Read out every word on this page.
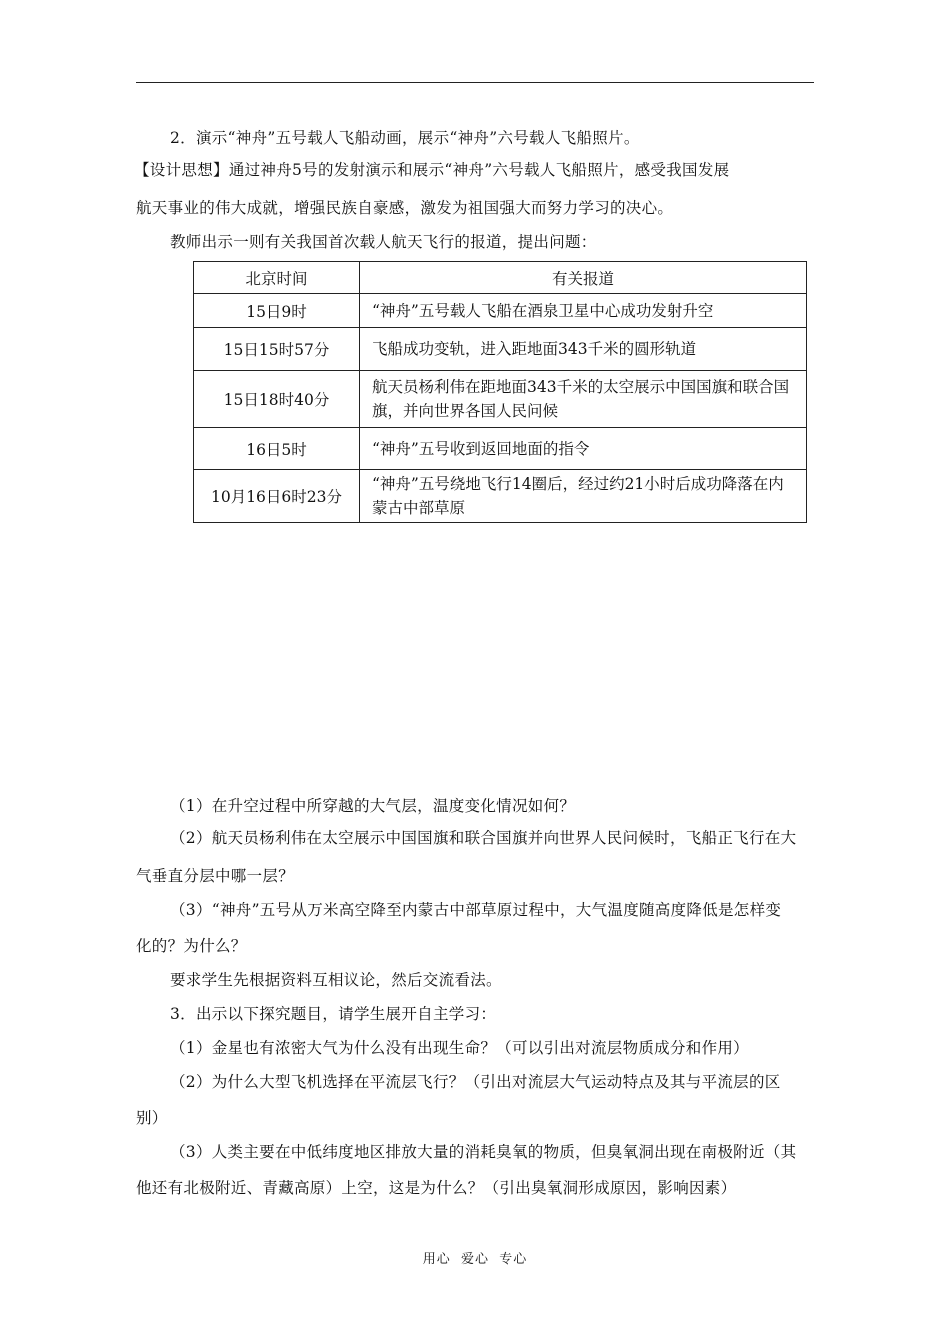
2．演示“神舟”五号载人飞船动画，展示“神舟”六号载人飞船照片。
【设计思想】通过神舟5号的发射演示和展示“神舟”六号载人飞船照片，感受我国发展
航天事业的伟大成就，增强民族自豪感，激发为祖国强大而努力学习的决心。
教师出示一则有关我国首次载人航天飞行的报道，提出问题：
北京时间	有关报道
15日9时	“神舟”五号载人飞船在酒泉卫星中心成功发射升空
15日15时57分	飞船成功变轨，进入距地面343千米的圆形轨道
15日18时40分	航天员杨利伟在距地面343千米的太空展示中国国旗和联合国旗，并向世界各国人民问候
16日5时	“神舟”五号收到返回地面的指令
10月16日6时23分	“神舟”五号绕地飞行14圈后，经过约21小时后成功降落在内蒙古中部草原
（1）在升空过程中所穿越的大气层，温度变化情况如何？
（2）航天员杨利伟在太空展示中国国旗和联合国旗并向世界人民问候时，飞船正飞行在大
气垂直分层中哪一层？
（3）“神舟”五号从万米高空降至内蒙古中部草原过程中，大气温度随高度降低是怎样变
化的？为什么？
要求学生先根据资料互相议论，然后交流看法。
3．出示以下探究题目，请学生展开自主学习：
（1）金星也有浓密大气为什么没有出现生命？（可以引出对流层物质成分和作用）
（2）为什么大型飞机选择在平流层飞行？（引出对流层大气运动特点及其与平流层的区
别）
（3）人类主要在中低纬度地区排放大量的消耗臭氧的物质，但臭氧洞出现在南极附近（其
他还有北极附近、青藏高原）上空，这是为什么？（引出臭氧洞形成原因，影响因素）
用心  爱心  专心
